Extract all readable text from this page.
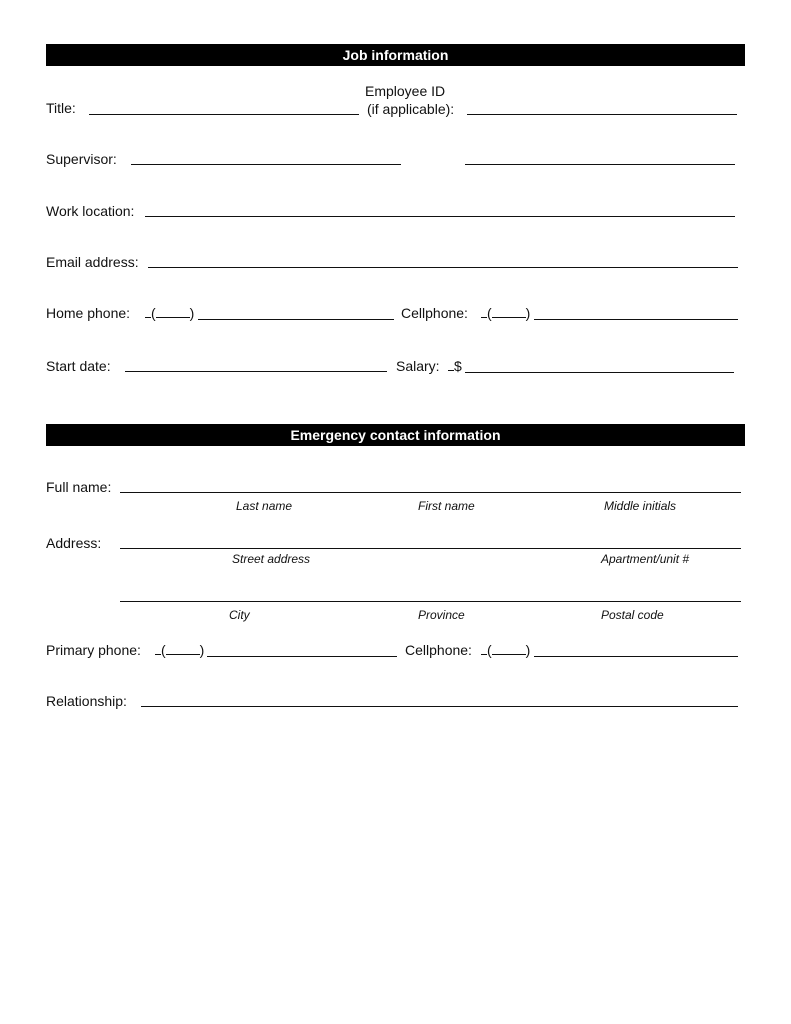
Job information
Title:
Employee ID
(if applicable):
Supervisor:
Work location:
Email address:
Home phone:	( )	Cellphone:	( )
Start date:	Salary:	$
Emergency contact information
Full name:
Last name	First name	Middle initials
Address:
Street address	Apartment/unit #
City	Province	Postal code
Primary phone:	( )	Cellphone:	( )
Relationship:
